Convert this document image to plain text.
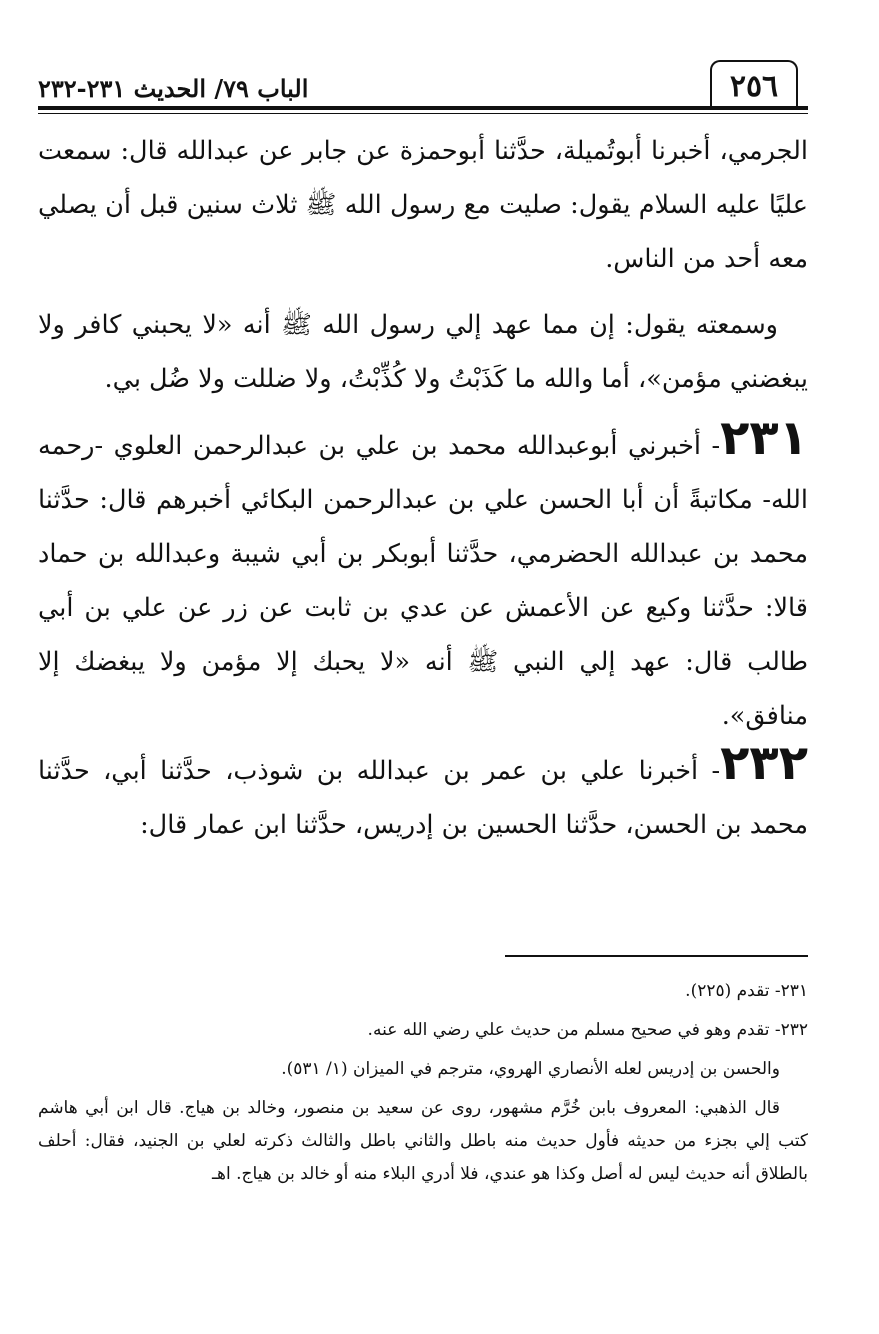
الباب ٧٩/ الحديث ٢٣١-٢٣٢	٢٥٦

الجرمي، أخبرنا أبوتُميلة، حدَّثنا أبوحمزة عن جابر عن عبدالله قال: سمعت عليًا عليه السلام يقول: صليت مع رسول الله ﷺ ثلاث سنين قبل أن يصلي معه أحد من الناس.

وسمعته يقول: إن مما عهد إلي رسول الله ﷺ أنه «لا يحبني كافر ولا يبغضني مؤمن»، أما والله ما كَذَبْتُ ولا كُذِّبْتُ، ولا ضللت ولا ضُل بي.

٢٣١- أخبرني أبوعبدالله محمد بن علي بن عبدالرحمن العلوي -رحمه الله- مكاتبةً أن أبا الحسن علي بن عبدالرحمن البكائي أخبرهم قال: حدَّثنا محمد بن عبدالله الحضرمي، حدَّثنا أبوبكر بن أبي شيبة وعبدالله بن حماد قالا: حدَّثنا وكيع عن الأعمش عن عدي بن ثابت عن زر عن علي بن أبي طالب قال: عهد إلي النبي ﷺ أنه «لا يحبك إلا مؤمن ولا يبغضك إلا منافق».

٢٣٢- أخبرنا علي بن عمر بن عبدالله بن شوذب، حدَّثنا أبي، حدَّثنا محمد بن الحسن، حدَّثنا الحسين بن إدريس، حدَّثنا ابن عمار قال:

٢٣١- تقدم (٢٢٥).

٢٣٢- تقدم وهو في صحيح مسلم من حديث علي رضي الله عنه.

والحسن بن إدريس لعله الأنصاري الهروي، مترجم في الميزان (١/ ٥٣١).

قال الذهبي: المعروف بابن خُرَّم مشهور، روى عن سعيد بن منصور، وخالد بن هياج. قال ابن أبي هاشم كتب إلي بجزء من حديثه فأول حديث منه باطل والثاني باطل والثالث ذكرته لعلي بن الجنيد، فقال: أحلف بالطلاق أنه حديث ليس له أصل وكذا هو عندي، فلا أدري البلاء منه أو خالد بن هياج. اهـ
